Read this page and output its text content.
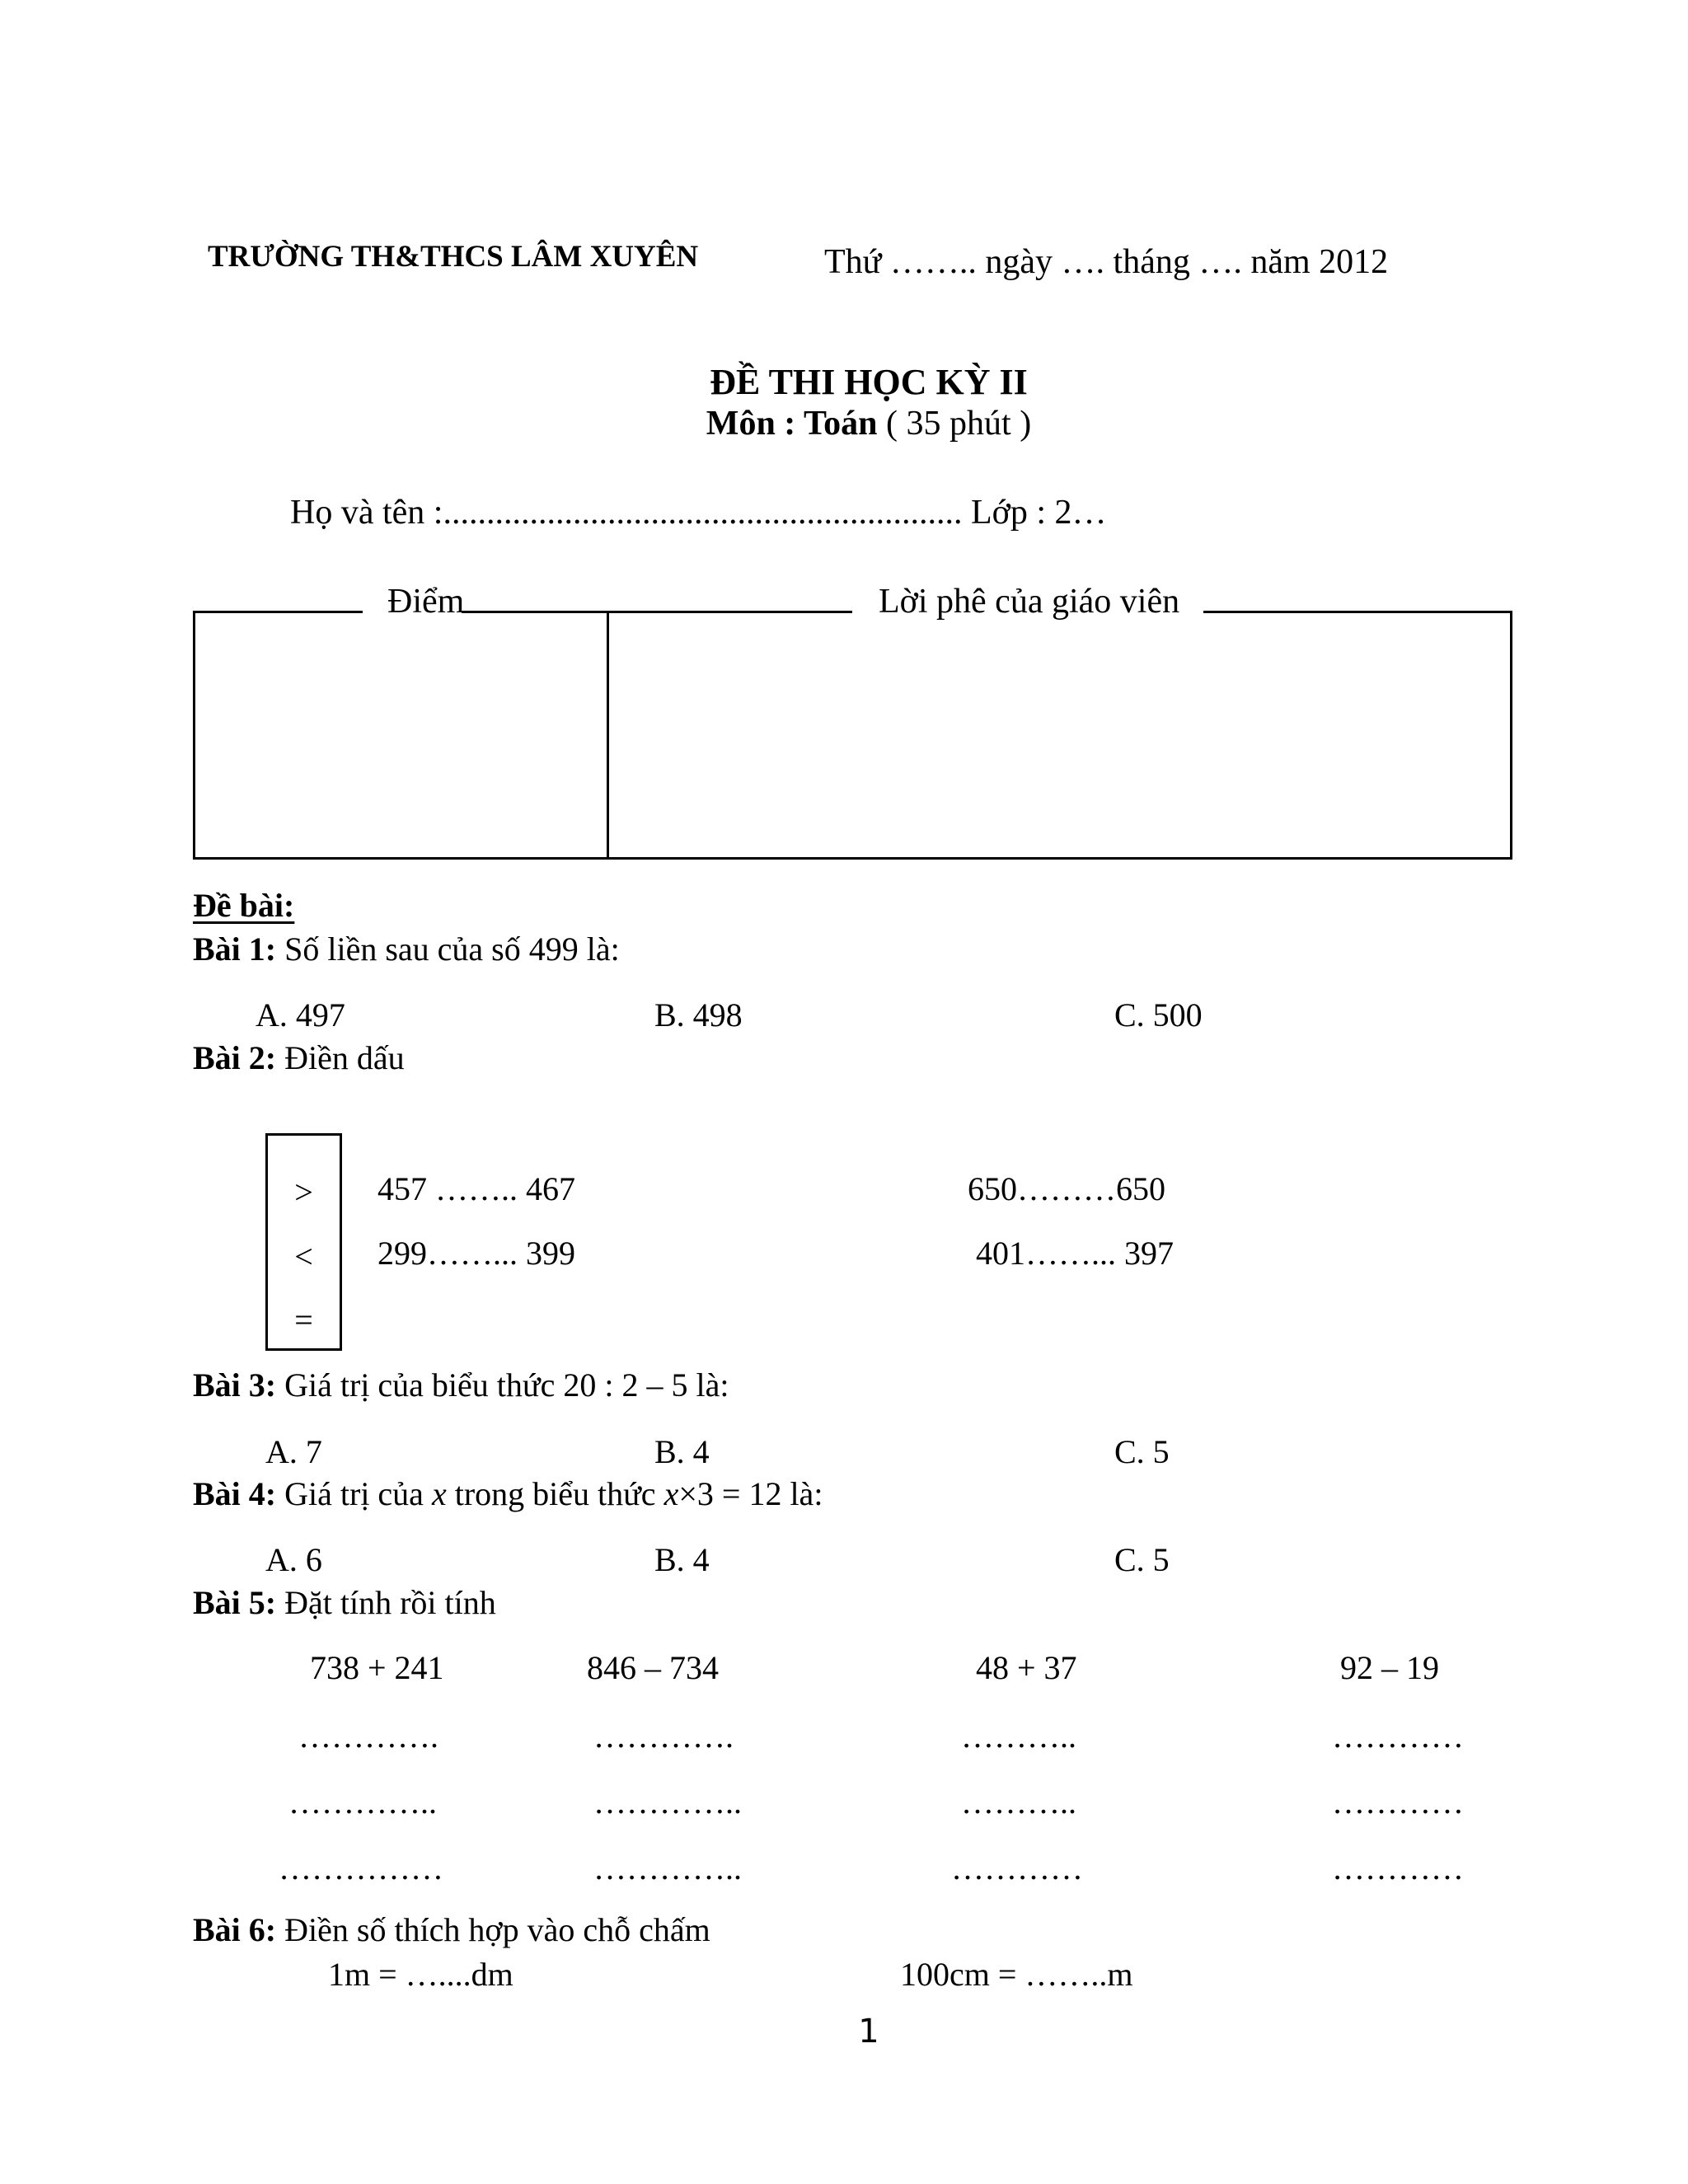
TRƯỜNG TH&THCS LÂM XUYÊN	Thứ …….. ngày …. tháng …. năm 2012
ĐỀ THI HỌC KỲ II
Môn : Toán ( 35 phút )
Họ và tên :............................................................ Lớp : 2…
Điểm	Lời phê của giáo viên
Đề bài:
Bài 1: Số liền sau của số 499 là:
A. 497	B. 498	C. 500
Bài 2: Điền dấu
>
<
=
457 …….. 467	650………650
299……... 399	401……... 397
Bài 3: Giá trị của biểu thức 20 : 2 – 5 là:
A. 7	B. 4	C. 5
Bài 4: Giá trị của x trong biểu thức x×3 = 12 là:
A. 6	B. 4	C. 5
Bài 5: Đặt tính rồi tính
738 + 241	846 – 734	48 + 37	92 – 19
………….	………….	………..	…………
…………..	…………..	………..	…………
……………	…………..	…………	…………
Bài 6: Điền số thích hợp vào chỗ chấm
1m = …....dm	100cm = ……..m
1
